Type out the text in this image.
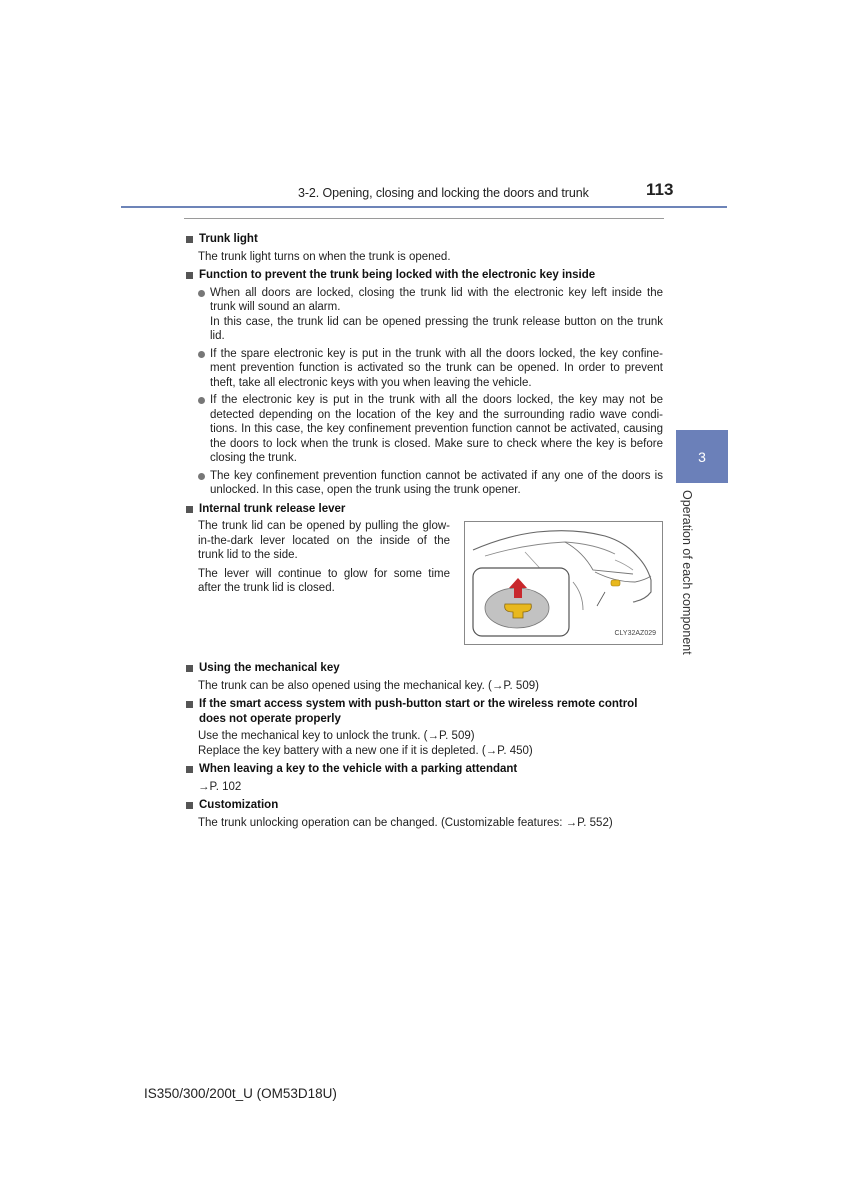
3-2. Opening, closing and locking the doors and trunk	113
3
Operation of each component
Trunk light
The trunk light turns on when the trunk is opened.
Function to prevent the trunk being locked with the electronic key inside
When all doors are locked, closing the trunk lid with the electronic key left inside the trunk will sound an alarm.
In this case, the trunk lid can be opened pressing the trunk release button on the trunk lid.
If the spare electronic key is put in the trunk with all the doors locked, the key confine- ment prevention function is activated so the trunk can be opened. In order to prevent theft, take all electronic keys with you when leaving the vehicle.
If the electronic key is put in the trunk with all the doors locked, the key may not be detected depending on the location of the key and the surrounding radio wave condi- tions. In this case, the key confinement prevention function cannot be activated, causing the doors to lock when the trunk is closed. Make sure to check where the key is before closing the trunk.
The key confinement prevention function cannot be activated if any one of the doors is unlocked. In this case, open the trunk using the trunk opener.
Internal trunk release lever
The trunk lid can be opened by pulling the glow-in-the-dark lever located on the inside of the trunk lid to the side.
The lever will continue to glow for some time after the trunk lid is closed.
CLY32AZ029
Using the mechanical key
The trunk can be also opened using the mechanical key. (→P. 509)
If the smart access system with push-button start or the wireless remote control does not operate properly
Use the mechanical key to unlock the trunk. (→P. 509)
Replace the key battery with a new one if it is depleted. (→P. 450)
When leaving a key to the vehicle with a parking attendant
→P. 102
Customization
The trunk unlocking operation can be changed. (Customizable features: →P. 552)
IS350/300/200t_U (OM53D18U)
